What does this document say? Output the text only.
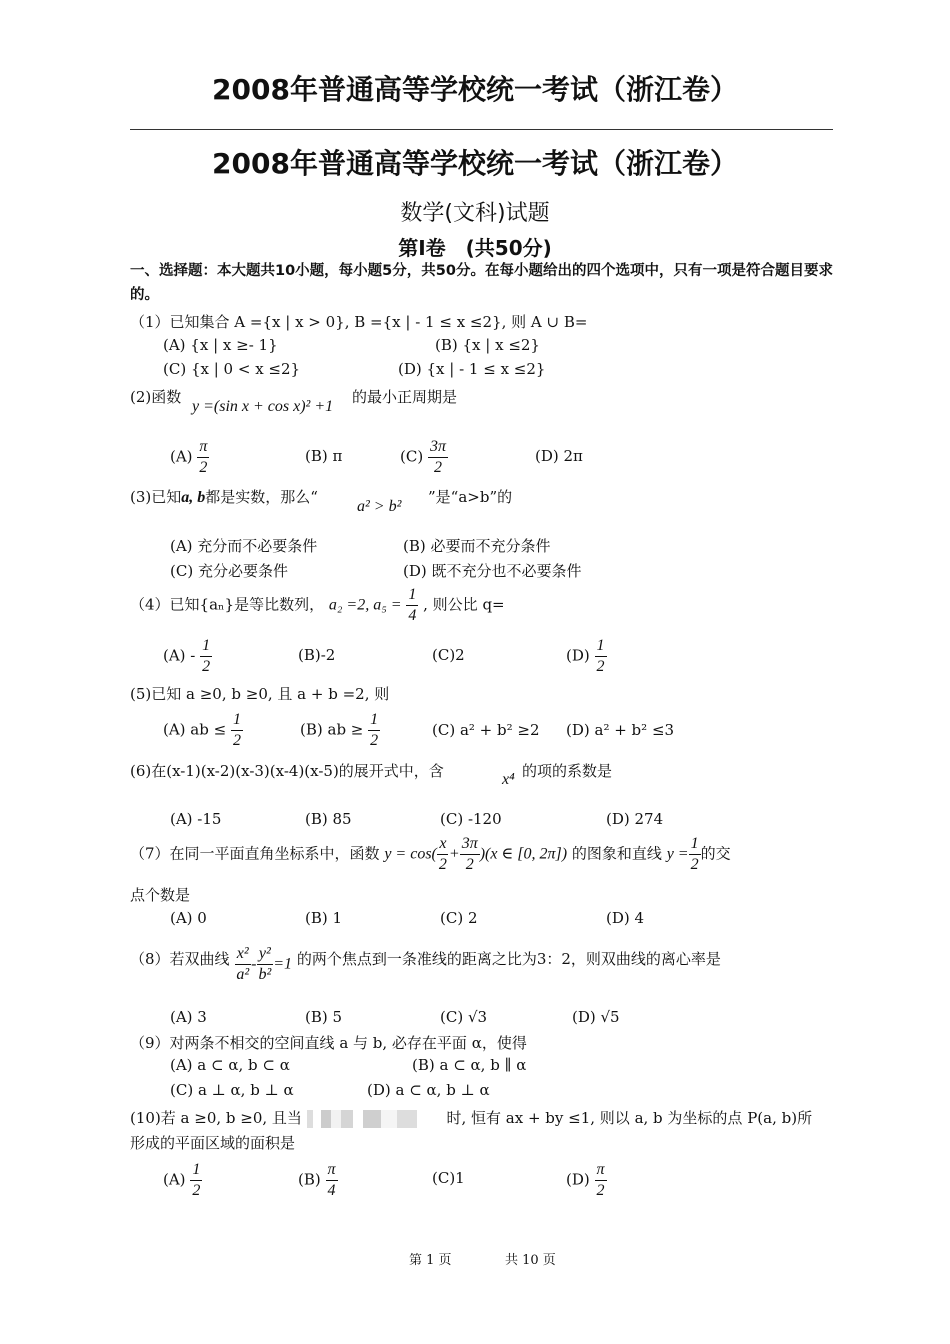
2008年普通高等学校统一考试（浙江卷）
2008年普通高等学校统一考试（浙江卷）
数学(文科)试题
第Ⅰ卷　(共50分)
一、选择题：本大题共10小题，每小题5分，共50分。在每小题给出的四个选项中，只有一项是符合题目要求的。
（1）已知集合 A ={x | x > 0}, B ={x | - 1 ≤ x ≤2}, 则 A ∪ B=
(A) {x | x ≥- 1}	(B) {x | x ≤2}
(C) {x | 0 < x ≤2}	(D) {x | - 1 ≤ x ≤2}
(2)函数
y =(sin x + cos x)² +1
的最小正周期是
$(A) \frac{\pi}{2}$	(B) π	$(C) \frac{3\pi}{2}$	(D) 2π
(3)已知a, b都是实数，那么“
a² > b²
”是“a>b”的
(A) 充分而不必要条件	(B) 必要而不充分条件
(C) 充分必要条件	(D) 既不充分也不必要条件
（4）已知{aₙ}是等比数列， a₂ =2, $a_5 = \frac{1}{4}$ , 则公比 q=
$(A) - \frac{1}{2}$	(B)-2	(C)2	$(D) \frac{1}{2}$
(5)已知 a ≥0, b ≥0, 且 a + b =2, 则
(A) ab ≤ $\frac{1}{2}$	(B) ab ≥ $\frac{1}{2}$	(C) a² + b² ≥2 (D) a² + b² ≤3
(6)在(x-1)(x-2)(x-3)(x-4)(x-5)的展开式中，含	x⁴ 的项的系数是
(A) -15	(B) 85	(C) -120	(D) 274
（7）在同一平面直角坐标系中，函数 $y = \cos( \frac{x}{2} + \frac{3\pi}{2} )(x$ ∈ [0, 2π]) 的图象和直线 $y = \frac{1}{2}$ 的交
点个数是
(A) 0	(B) 1	(C) 2	(D) 4
（8）若双曲线 $\frac{\text{x²}}{\text{a²}} - \frac{\text{y²}}{\text{b²}} =1$ 的两个焦点到一条准线的距离之比为3：2，则双曲线的离心率是
(A) 3	(B) 5	(C) √3	(D) √5
（9）对两条不相交的空间直线 a 与 b, 必存在平面 α，使得
(A) a ⊂ α, b ⊂ α	(B) a ⊂ α, b ∥ α
(C) a ⊥ α, b ⊥ α	(D) a ⊂ α, b ⊥ α
(10)若 a ≥0, b ≥0, 且当	时, 恒有 ax + by ≤1, 则以 a, b 为坐标的点 P(a, b)所
形成的平面区域的面积是
$(A) \frac{1}{2}$	$(B) \frac{\pi}{4}$	(C)1	$(D) \frac{\pi}{2}$
第 1 页	共 10 页
